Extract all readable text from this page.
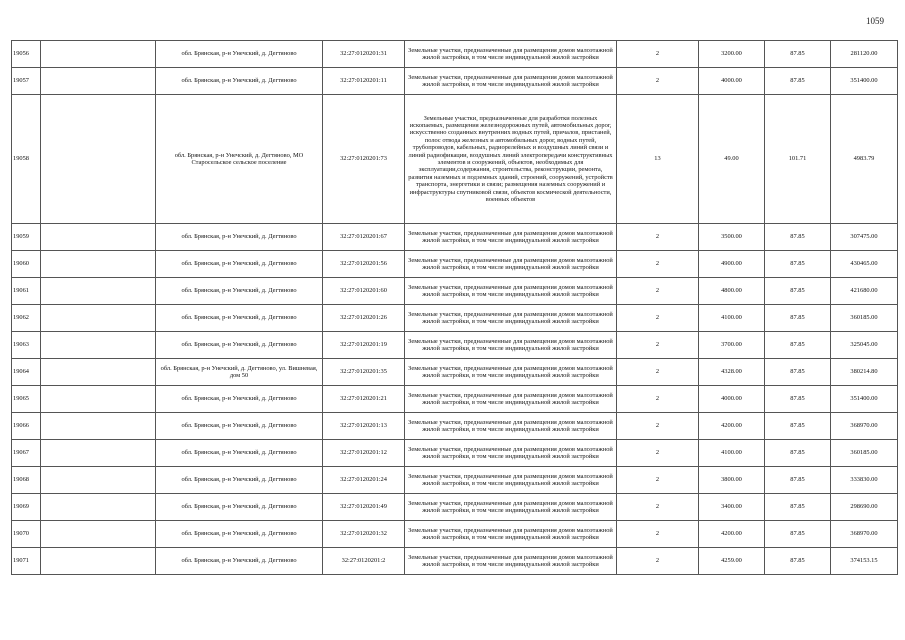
1059
19056		обл. Брянская, р-н Унечский, д. Дегтяново	32:27:0120201:31	Земельные участки, предназначенные для размещения домов малоэтажной жилой застройки, в том числе индивидуальной жилой застройки	2	3200.00	87.85	281120.00
19057		обл. Брянская, р-н Унечский, д. Дегтяново	32:27:0120201:11	Земельные участки, предназначенные для размещения домов малоэтажной жилой застройки, в том числе индивидуальной жилой застройки	2	4000.00	87.85	351400.00
19058		обл. Брянская, р-н Унечский, д. Дегтяново, МО Старосельское сельское поселение	32:27:0120201:73	Земельные участки, предназначенные для разработки полезных ископаемых, размещения железнодорожных путей, автомобильных дорог, искусственно созданных внутренних водных путей, причалов, пристаней, полос отвода железных и автомобильных дорог, водных путей, трубопроводов, кабельных, радиорелейных и воздушных линий связи и линий радиофикации, воздушных линий электропередачи конструктивных элементов и сооружений, объектов, необходимых для эксплуатации,содержания, строительства, реконструкции, ремонта, развития наземных и подземных зданий, строений, сооружений, устройств транспорта, энергетики и связи; размещения наземных сооружений и инфраструктуры спутниковой связи, объектов космической деятельности, военных объектов	13	49.00	101.71	4983.79
19059		обл. Брянская, р-н Унечский, д. Дегтяново	32:27:0120201:67	Земельные участки, предназначенные для размещения домов малоэтажной жилой застройки, в том числе индивидуальной жилой застройки	2	3500.00	87.85	307475.00
19060		обл. Брянская, р-н Унечский, д. Дегтяново	32:27:0120201:56	Земельные участки, предназначенные для размещения домов малоэтажной жилой застройки, в том числе индивидуальной жилой застройки	2	4900.00	87.85	430465.00
19061		обл. Брянская, р-н Унечский, д. Дегтяново	32:27:0120201:60	Земельные участки, предназначенные для размещения домов малоэтажной жилой застройки, в том числе индивидуальной жилой застройки	2	4800.00	87.85	421680.00
19062		обл. Брянская, р-н Унечский, д. Дегтяново	32:27:0120201:26	Земельные участки, предназначенные для размещения домов малоэтажной жилой застройки, в том числе индивидуальной жилой застройки	2	4100.00	87.85	360185.00
19063		обл. Брянская, р-н Унечский, д. Дегтяново	32:27:0120201:19	Земельные участки, предназначенные для размещения домов малоэтажной жилой застройки, в том числе индивидуальной жилой застройки	2	3700.00	87.85	325045.00
19064		обл. Брянская, р-н Унечский, д. Дегтяново, ул. Вишневая, дом 50	32:27:0120201:35	Земельные участки, предназначенные для размещения домов малоэтажной жилой застройки, в том числе индивидуальной жилой застройки	2	4328.00	87.85	380214.80
19065		обл. Брянская, р-н Унечский, д. Дегтяново	32:27:0120201:21	Земельные участки, предназначенные для размещения домов малоэтажной жилой застройки, в том числе индивидуальной жилой застройки	2	4000.00	87.85	351400.00
19066		обл. Брянская, р-н Унечский, д. Дегтяново	32:27:0120201:13	Земельные участки, предназначенные для размещения домов малоэтажной жилой застройки, в том числе индивидуальной жилой застройки	2	4200.00	87.85	368970.00
19067		обл. Брянская, р-н Унечский, д. Дегтяново	32:27:0120201:12	Земельные участки, предназначенные для размещения домов малоэтажной жилой застройки, в том числе индивидуальной жилой застройки	2	4100.00	87.85	360185.00
19068		обл. Брянская, р-н Унечский, д. Дегтяново	32:27:0120201:24	Земельные участки, предназначенные для размещения домов малоэтажной жилой застройки, в том числе индивидуальной жилой застройки	2	3800.00	87.85	333830.00
19069		обл. Брянская, р-н Унечский, д. Дегтяново	32:27:0120201:49	Земельные участки, предназначенные для размещения домов малоэтажной жилой застройки, в том числе индивидуальной жилой застройки	2	3400.00	87.85	298690.00
19070		обл. Брянская, р-н Унечский, д. Дегтяново	32:27:0120201:32	Земельные участки, предназначенные для размещения домов малоэтажной жилой застройки, в том числе индивидуальной жилой застройки	2	4200.00	87.85	368970.00
19071		обл. Брянская, р-н Унечский, д. Дегтяново	32:27:0120201:2	Земельные участки, предназначенные для размещения домов малоэтажной жилой застройки, в том числе индивидуальной жилой застройки	2	4259.00	87.85	374153.15
